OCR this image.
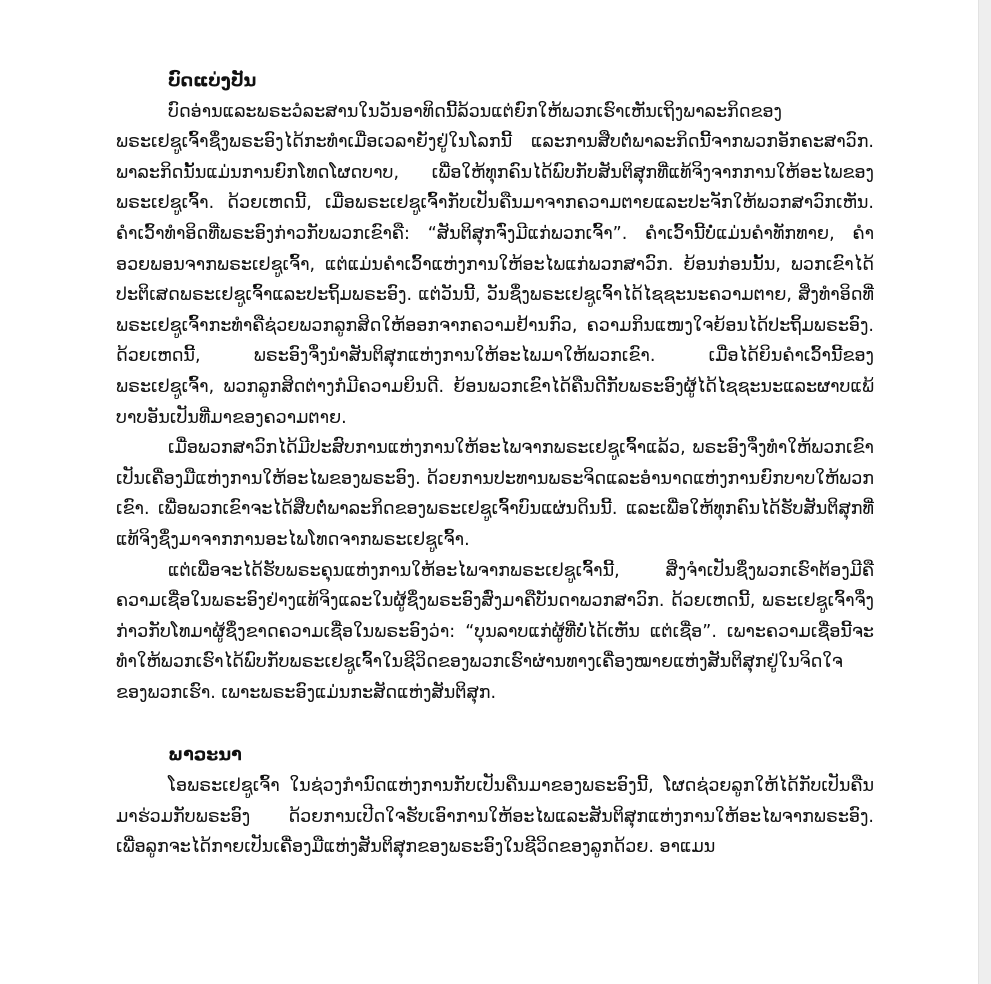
ບົດແບ່ງປັນ

ບົດອ່ານແລະພຣະວໍລະສານໃນວັນອາທິດນີ້ລ້ວນແຕ່ຍົກໃຫ້ພວກເຮົາເຫັນເຖິງພາລະກິດຂອງພຣະເຢຊູເຈົ້າຊຶ່ງພຣະອົງໄດ້ກະທຳເມື່ອເວລາຍັງຢູ່ໃນໂລກນີ້ ແລະການສືບຕໍ່ພາລະກິດນີ້ຈາກພວກອັກຄະສາວົກ. ພາລະກິດນັ້ນແມ່ນການຍົກໂທດໂຜດບາບ, ເພື່ອໃຫ້ທຸກຄົນໄດ້ພົບກັບສັນຕິສຸກທີ່ແທ້ຈິງຈາກການໃຫ້ອະໄພຂອງພຣະເຢຊູເຈົ້າ. ດ້ວຍເຫດນີ້, ເມື່ອພຣະເຢຊູເຈົ້າກັບເປັນຄືນມາຈາກຄວາມຕາຍແລະປະຈັກໃຫ້ພວກສາວົກເຫັນ. ຄຳເວົ້າທຳອິດທີ່ພຣະອົງກ່າວກັບພວກເຂົາຄື: “ສັນຕິສຸກຈົ່ງມີແກ່ພວກເຈົ້າ”. ຄຳເວົ້ານີ້ບໍ່ແມ່ນຄຳທັກທາຍ, ຄຳອວຍພອນຈາກພຣະເຢຊູເຈົ້າ, ແຕ່ແມ່ນຄຳເວົ້າແຫ່ງການໃຫ້ອະໄພແກ່ພວກສາວົກ. ຍ້ອນກ່ອນນັ້ນ, ພວກເຂົາໄດ້ປະຕິເສດພຣະເຢຊູເຈົ້າແລະປະຖິ້ມພຣະອົງ. ແຕ່ວັນນີ້, ວັນຊຶ່ງພຣະເຢຊູເຈົ້າໄດ້ໄຊຊະນະຄວາມຕາຍ, ສິ່ງທຳອິດທີ່ພຣະເຢຊູເຈົ້າກະທຳຄືຊ່ວຍພວກລູກສິດໃຫ້ອອກຈາກຄວາມຢ້ານກົວ, ຄວາມກິນແໜງໃຈຍ້ອນໄດ້ປະຖິ້ມພຣະອົງ. ດ້ວຍເຫດນີ້, ພຣະອົງຈຶ່ງນຳສັນຕິສຸກແຫ່ງການໃຫ້ອະໄພມາໃຫ້ພວກເຂົາ. ເມື່ອໄດ້ຍິນຄຳເວົ້ານີ້ຂອງພຣະເຢຊູເຈົ້າ, ພວກລູກສິດຕ່າງກໍມີຄວາມຍິນດີ. ຍ້ອນພວກເຂົາໄດ້ຄືນດີກັບພຣະອົງຜູ້ໄດ້ໄຊຊະນະແລະຜາບແພ້ບາບອັນເປັນທີ່ມາຂອງຄວາມຕາຍ.

ເມື່ອພວກສາວົກໄດ້ມີປະສົບການແຫ່ງການໃຫ້ອະໄພຈາກພຣະເຢຊູເຈົ້າແລ້ວ, ພຣະອົງຈຶ່ງທຳໃຫ້ພວກເຂົາເປັນເຄື່ອງມືແຫ່ງການໃຫ້ອະໄພຂອງພຣະອົງ. ດ້ວຍການປະທານພຣະຈິດແລະອຳນາດແຫ່ງການຍົກບາບໃຫ້ພວກເຂົາ. ເພື່ອພວກເຂົາຈະໄດ້ສືບຕໍ່ພາລະກິດຂອງພຣະເຢຊູເຈົ້າບົນແຜ່ນດິນນີ້. ແລະເພື່ອໃຫ້ທຸກຄົນໄດ້ຮັບສັນຕິສຸກທີ່ແທ້ຈິງຊຶ່ງມາຈາກການອະໄພໂທດຈາກພຣະເຢຊູເຈົ້າ.

ແຕ່ເພື່ອຈະໄດ້ຮັບພຣະຄຸນແຫ່ງການໃຫ້ອະໄພຈາກພຣະເຢຊູເຈົ້ານີ້, ສິ່ງຈຳເປັນຊຶ່ງພວກເຮົາຕ້ອງມີຄື ຄວາມເຊື່ອໃນພຣະອົງຢ່າງແທ້ຈິງແລະໃນຜູ້ຊຶ່ງພຣະອົງສົ່ງມາຄືບັນດາພວກສາວົກ. ດ້ວຍເຫດນີ້, ພຣະເຢຊູເຈົ້າຈຶ່ງກ່າວກັບໂທມາຜູ້ຊຶ່ງຂາດຄວາມເຊື່ອໃນພຣະອົງວ່າ: “ບຸນລາບແກ່ຜູ້ທີ່ບໍ່ໄດ້ເຫັນ ແຕ່ເຊື່ອ”. ເພາະຄວາມເຊື່ອນີ້ຈະທຳໃຫ້ພວກເຮົາໄດ້ພົບກັບພຣະເຢຊູເຈົ້າໃນຊີວິດຂອງພວກເຮົາຜ່ານທາງເຄື່ອງໝາຍແຫ່ງສັນຕິສຸກຢູ່ໃນຈິດໃຈຂອງພວກເຮົາ. ເພາະພຣະອົງແມ່ນກະສັດແຫ່ງສັນຕິສຸກ.

ພາວະນາ

ໂອພຣະເຢຊູເຈົ້າ ໃນຊ່ວງກຳນົດແຫ່ງການກັບເປັນຄືນມາຂອງພຣະອົງນີ້, ໂຜດຊ່ວຍລູກໃຫ້ໄດ້ກັບເປັນຄືນມາຮ່ວມກັບພຣະອົງ ດ້ວຍການເປີດໃຈຮັບເອົາການໃຫ້ອະໄພແລະສັນຕິສຸກແຫ່ງການໃຫ້ອະໄພຈາກພຣະອົງ. ເພື່ອລູກຈະໄດ້ກາຍເປັນເຄື່ອງມືແຫ່ງສັນຕິສຸກຂອງພຣະອົງໃນຊີວິດຂອງລູກດ້ວຍ. ອາແມນ
